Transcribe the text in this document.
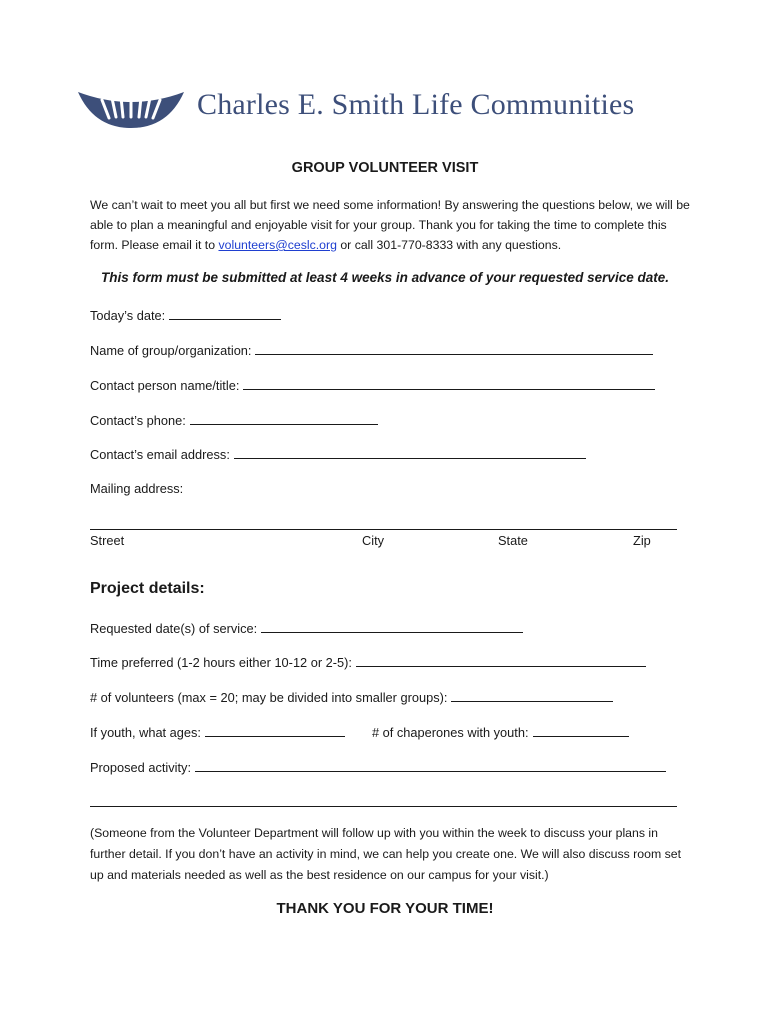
Charles E. Smith Life Communities
GROUP VOLUNTEER VISIT
We can’t wait to meet you all but first we need some information! By answering the questions below, we will be able to plan a meaningful and enjoyable visit for your group. Thank you for taking the time to complete this form. Please email it to volunteers@ceslc.org or call 301-770-8333 with any questions.
This form must be submitted at least 4 weeks in advance of your requested service date.
Today’s date:
Name of group/organization:
Contact person name/title:
Contact’s phone:
Contact’s email address:
Mailing address:
Street	City	State	Zip
Project details:
Requested date(s) of service:
Time preferred (1-2 hours either 10-12 or 2-5):
# of volunteers (max = 20; may be divided into smaller groups):
If youth, what ages:	# of chaperones with youth:
Proposed activity:
(Someone from the Volunteer Department will follow up with you within the week to discuss your plans in further detail. If you don’t have an activity in mind, we can help you create one. We will also discuss room set up and materials needed as well as the best residence on our campus for your visit.)
THANK YOU FOR YOUR TIME!
